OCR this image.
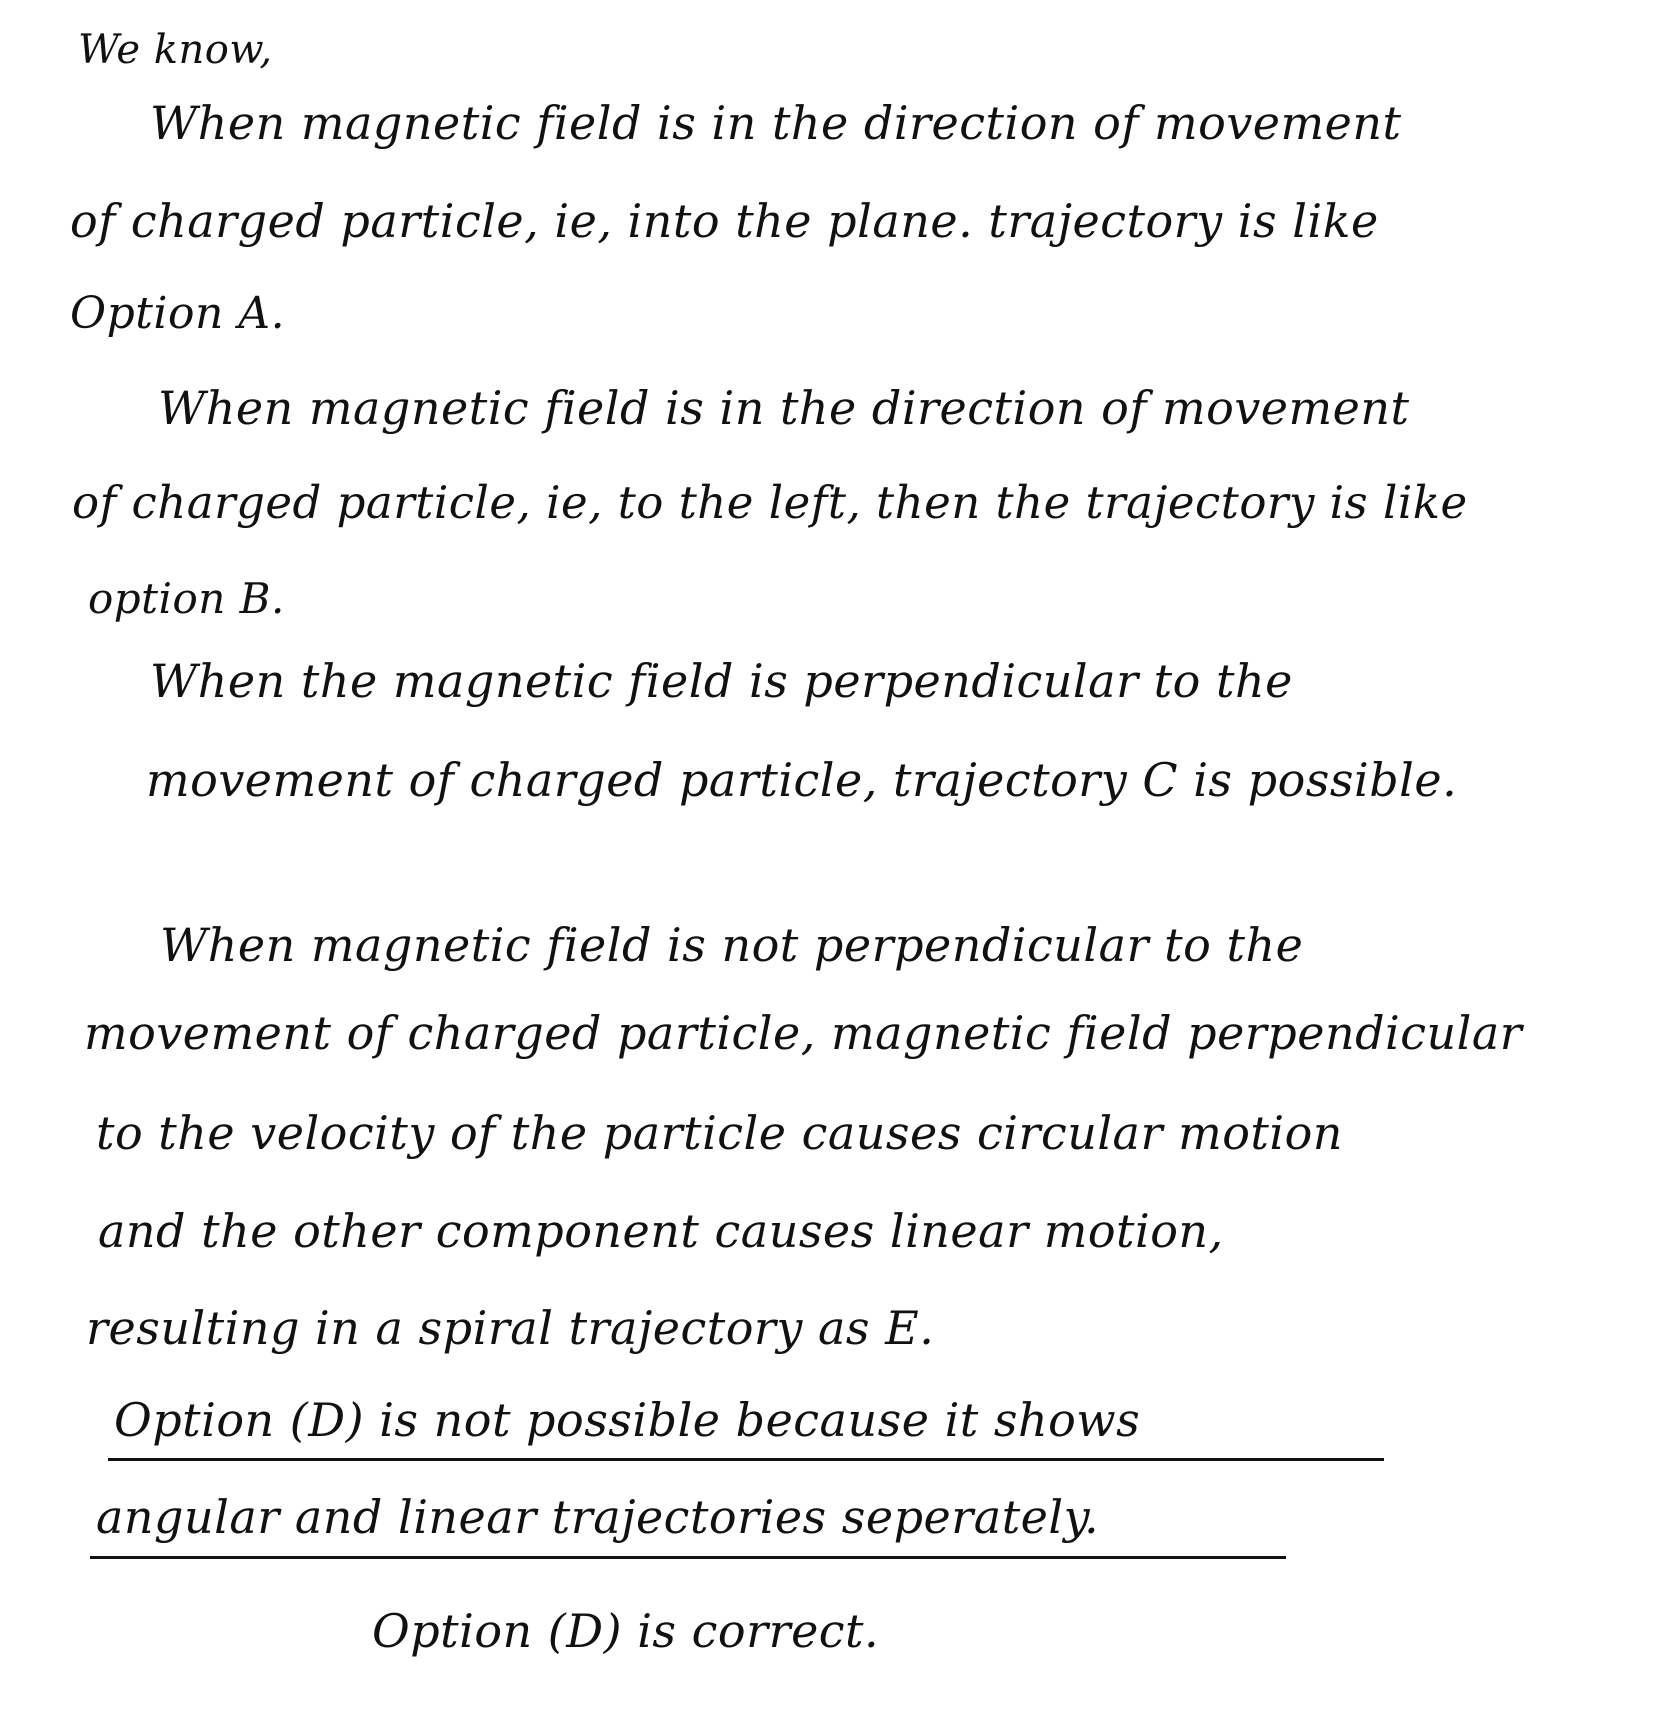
We know,
When magnetic field is in the direction of movement
of charged particle, ie, into the plane. trajectory is like
Option A.
When magnetic field is in the direction of movement
of charged particle, ie, to the left, then the trajectory is like
option B.
When the magnetic field is perpendicular to the
movement of charged particle, trajectory C is possible.
When magnetic field is not perpendicular to the
movement of charged particle, magnetic field perpendicular
to the velocity of the particle causes circular motion
and the other component causes linear motion,
resulting in a spiral trajectory as E.
Option (D) is not possible because it shows
angular and linear trajectories seperately.
Option (D) is correct.
